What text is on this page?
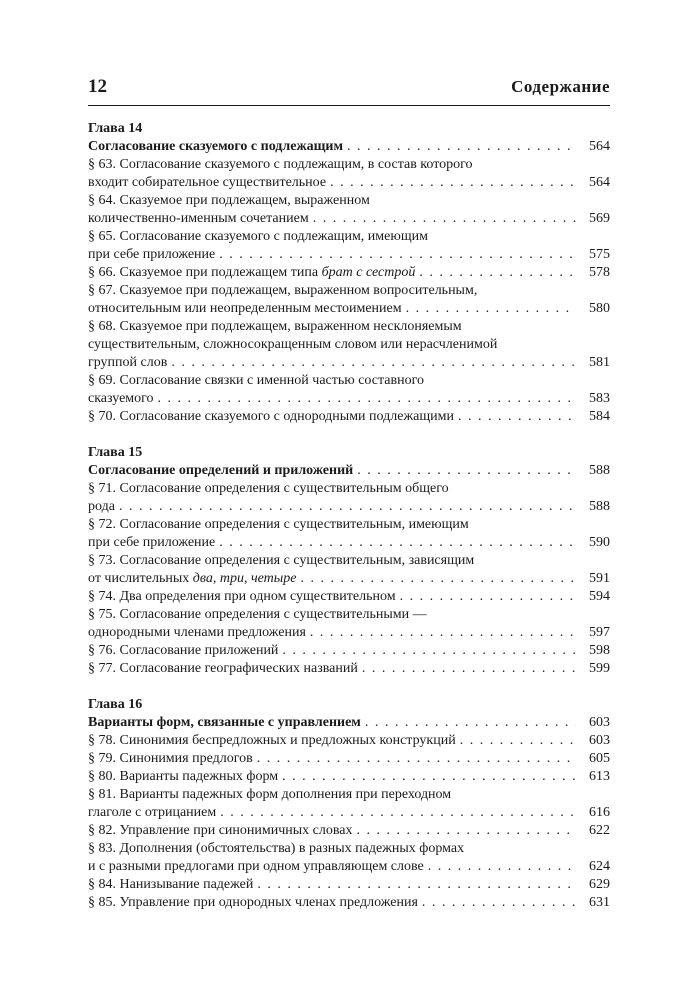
12	Содержание
Глава 14
Согласование сказуемого с подлежащим . . .	564
§ 63. Согласование сказуемого с подлежащим, в состав которого
входит собирательное существительное . . .	564
§ 64. Сказуемое при подлежащем, выраженном
количественно-именным сочетанием . . .	569
§ 65. Согласование сказуемого с подлежащим, имеющим
при себе приложение . . .	575
§ 66. Сказуемое при подлежащем типа брат с сестрой . . .	578
§ 67. Сказуемое при подлежащем, выраженном вопросительным,
относительным или неопределенным местоимением . . .	580
§ 68. Сказуемое при подлежащем, выраженном несклоняемым
существительным, сложносокращенным словом или нерасчленимой
группой слов . . .	581
§ 69. Согласование связки с именной частью составного
сказуемого . . .	583
§ 70. Согласование сказуемого с однородными подлежащими . . .	584
Глава 15
Согласование определений и приложений . . .	588
§ 71. Согласование определения с существительным общего
рода . . .	588
§ 72. Согласование определения с существительным, имеющим
при себе приложение . . .	590
§ 73. Согласование определения с существительным, зависящим
от числительных два, три, четыре . . .	591
§ 74. Два определения при одном существительном . . .	594
§ 75. Согласование определения с существительными —
однородными членами предложения . . .	597
§ 76. Согласование приложений . . .	598
§ 77. Согласование географических названий . . .	599
Глава 16
Варианты форм, связанные с управлением . . .	603
§ 78. Синонимия беспредложных и предложных конструкций . . .	603
§ 79. Синонимия предлогов . . .	605
§ 80. Варианты падежных форм . . .	613
§ 81. Варианты падежных форм дополнения при переходном
глаголе с отрицанием . . .	616
§ 82. Управление при синонимичных словах . . .	622
§ 83. Дополнения (обстоятельства) в разных падежных формах
и с разными предлогами при одном управляющем слове . . .	624
§ 84. Нанизывание падежей . . .	629
§ 85. Управление при однородных членах предложения . . .	631
